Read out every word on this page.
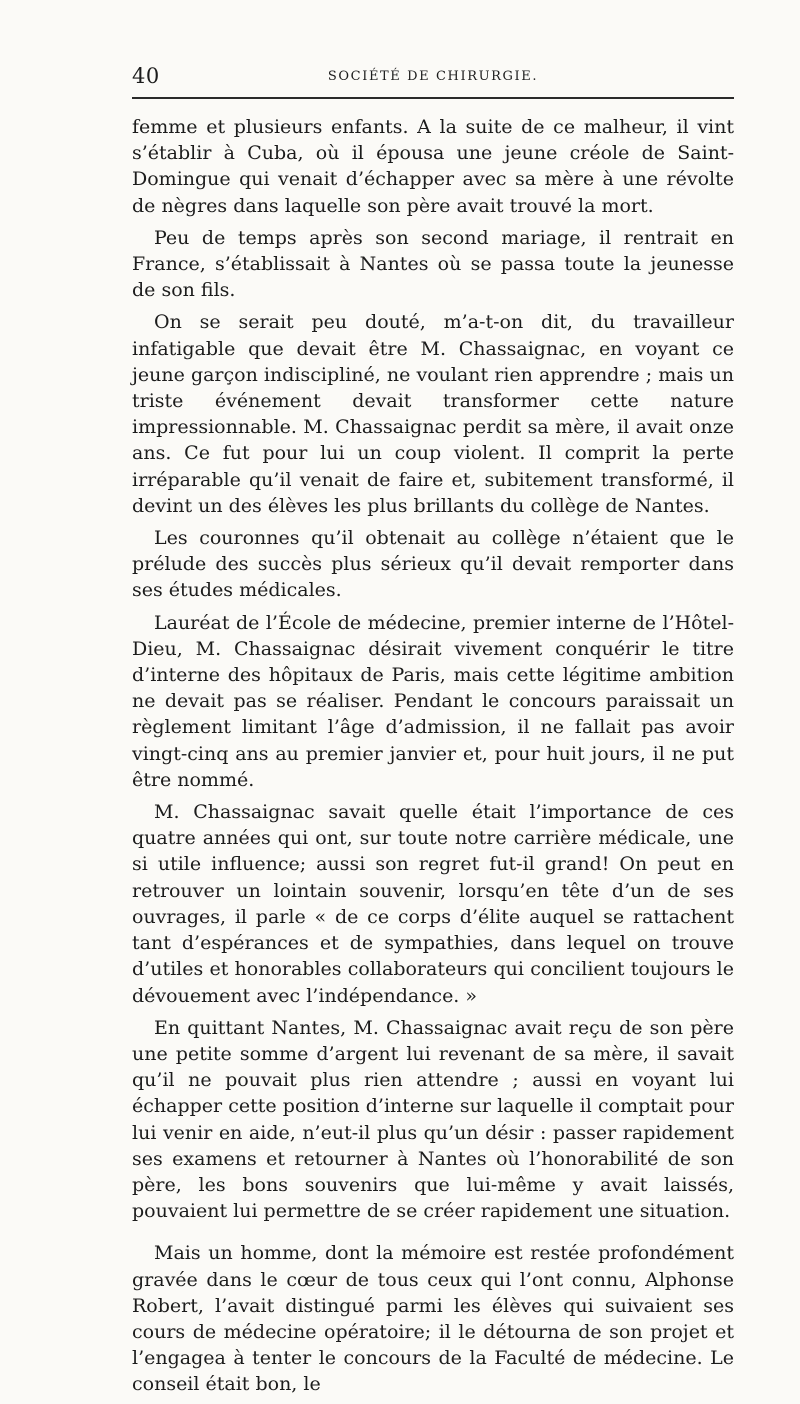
40	SOCIÉTÉ DE CHIRURGIE.

femme et plusieurs enfants. A la suite de ce malheur, il vint s’établir à Cuba, où il épousa une jeune créole de Saint-Domingue qui venait d’échapper avec sa mère à une révolte de nègres dans laquelle son père avait trouvé la mort.

Peu de temps après son second mariage, il rentrait en France, s’établissait à Nantes où se passa toute la jeunesse de son fils.

On se serait peu douté, m’a-t-on dit, du travailleur infatigable que devait être M. Chassaignac, en voyant ce jeune garçon indiscipliné, ne voulant rien apprendre ; mais un triste événement devait transformer cette nature impressionnable. M. Chassaignac perdit sa mère, il avait onze ans. Ce fut pour lui un coup violent. Il comprit la perte irréparable qu’il venait de faire et, subitement transformé, il devint un des élèves les plus brillants du collège de Nantes.

Les couronnes qu’il obtenait au collège n’étaient que le prélude des succès plus sérieux qu’il devait remporter dans ses études médicales.

Lauréat de l’École de médecine, premier interne de l’Hôtel-Dieu, M. Chassaignac désirait vivement conquérir le titre d’interne des hôpitaux de Paris, mais cette légitime ambition ne devait pas se réaliser. Pendant le concours paraissait un règlement limitant l’âge d’admission, il ne fallait pas avoir vingt-cinq ans au premier janvier et, pour huit jours, il ne put être nommé.

M. Chassaignac savait quelle était l’importance de ces quatre années qui ont, sur toute notre carrière médicale, une si utile influence; aussi son regret fut-il grand! On peut en retrouver un lointain souvenir, lorsqu’en tête d’un de ses ouvrages, il parle « de ce corps d’élite auquel se rattachent tant d’espérances et de sympathies, dans lequel on trouve d’utiles et honorables collaborateurs qui concilient toujours le dévouement avec l’indépendance. »

En quittant Nantes, M. Chassaignac avait reçu de son père une petite somme d’argent lui revenant de sa mère, il savait qu’il ne pouvait plus rien attendre ; aussi en voyant lui échapper cette position d’interne sur laquelle il comptait pour lui venir en aide, n’eut-il plus qu’un désir : passer rapidement ses examens et retourner à Nantes où l’honorabilité de son père, les bons souvenirs que lui-même y avait laissés, pouvaient lui permettre de se créer rapidement une situation.

Mais un homme, dont la mémoire est restée profondément gravée dans le cœur de tous ceux qui l’ont connu, Alphonse Robert, l’avait distingué parmi les élèves qui suivaient ses cours de médecine opératoire; il le détourna de son projet et l’engagea à tenter le concours de la Faculté de médecine. Le conseil était bon, le
